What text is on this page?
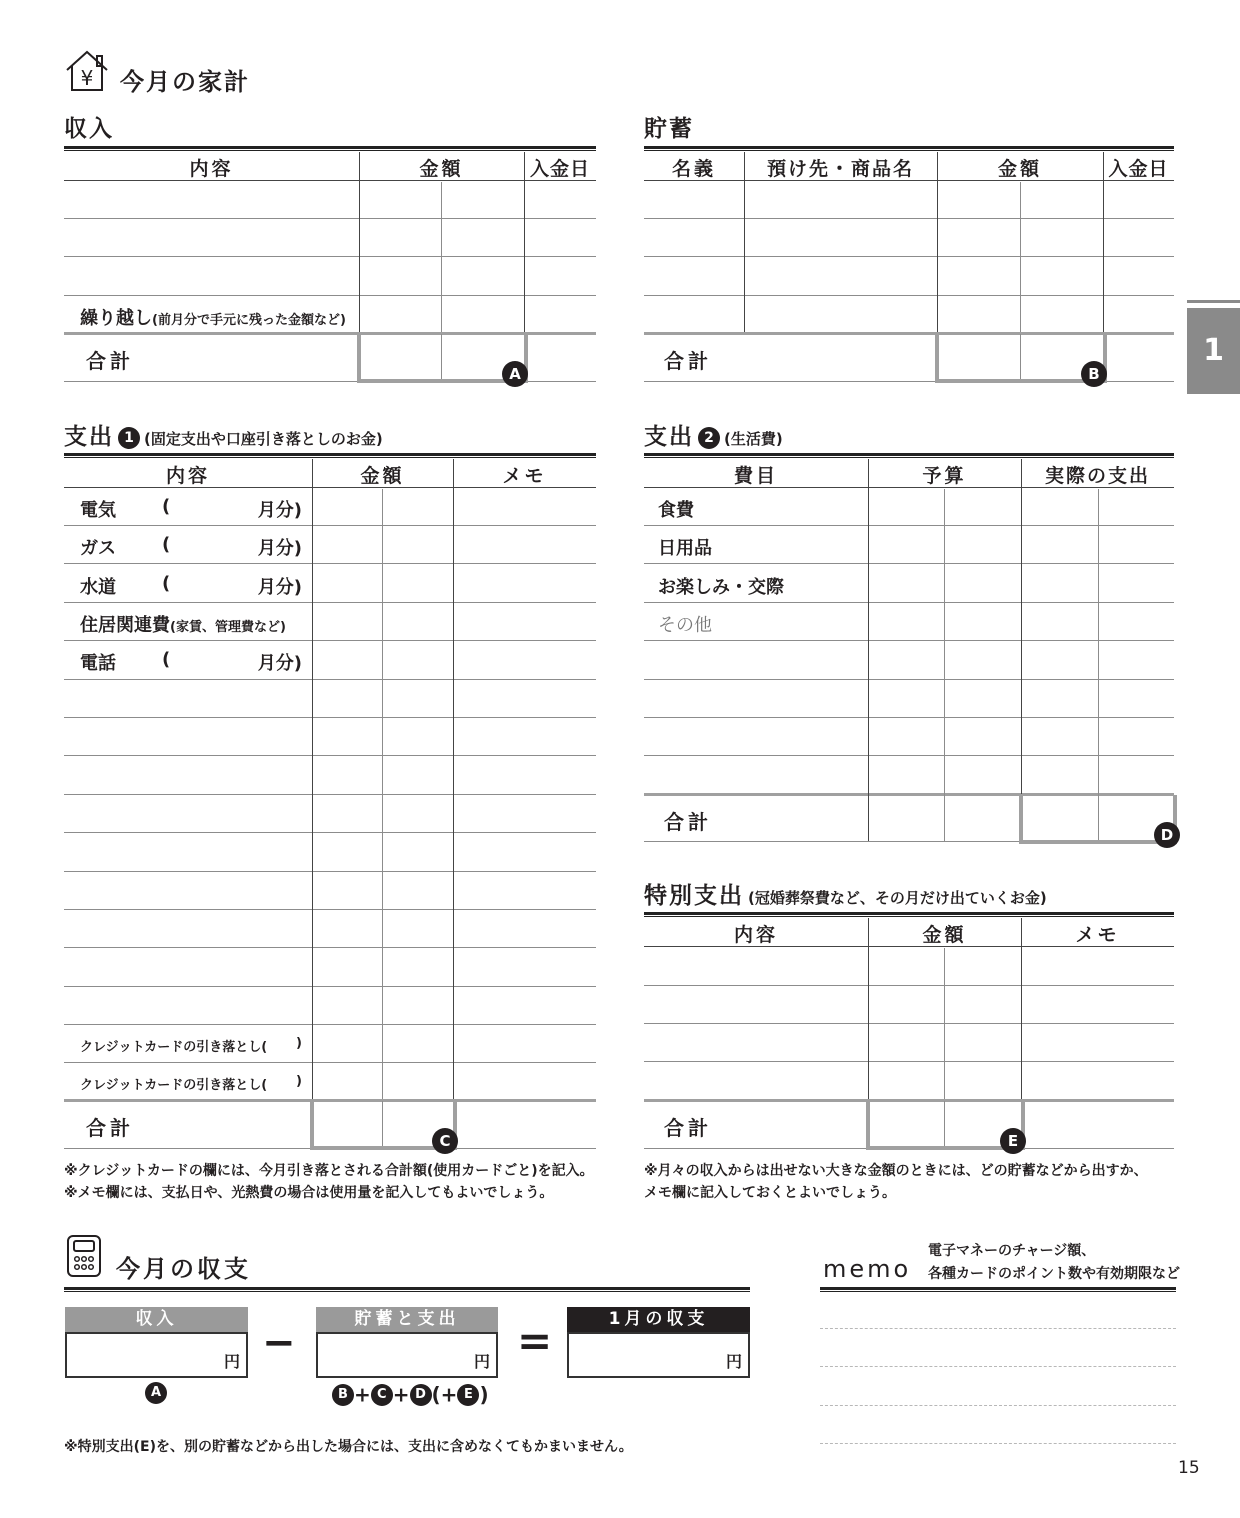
¥ 今月の家計
収入
内容	金額	入金日
繰り越し(前月分で手元に残った金額など)
合計
A
貯蓄
名義	預け先・商品名	金額	入金日
合計
B
1
支出 1 (固定支出や口座引き落としのお金)
内容	金額	メモ
電気	(	月分)
ガス	(	月分)
水道	(	月分)
住居関連費(家賃、管理費など)
電話	(	月分)
クレジットカードの引き落とし( )
クレジットカードの引き落とし( )
合計
C
※クレジットカードの欄には、今月引き落とされる合計額(使用カードごと)を記入。
※メモ欄には、支払日や、光熱費の場合は使用量を記入してもよいでしょう。
支出 2 (生活費)
費目	予算	実際の支出
食費
日用品
お楽しみ・交際
その他
合計
D
特別支出 (冠婚葬祭費など、その月だけ出ていくお金)
内容	金額	メモ
合計
E
※月々の収入からは出せない大きな金額のときには、どの貯蓄などから出すか、
メモ欄に記入しておくとよいでしょう。
今月の収支
収入
円 −
貯蓄と支出
円 =	1月の収支
円
A	B + C + D (+ E )
※特別支出(E)を、別の貯蓄などから出した場合には、支出に含めなくてもかまいません。
memo
電子マネーのチャージ額、
各種カードのポイント数や有効期限など
15
